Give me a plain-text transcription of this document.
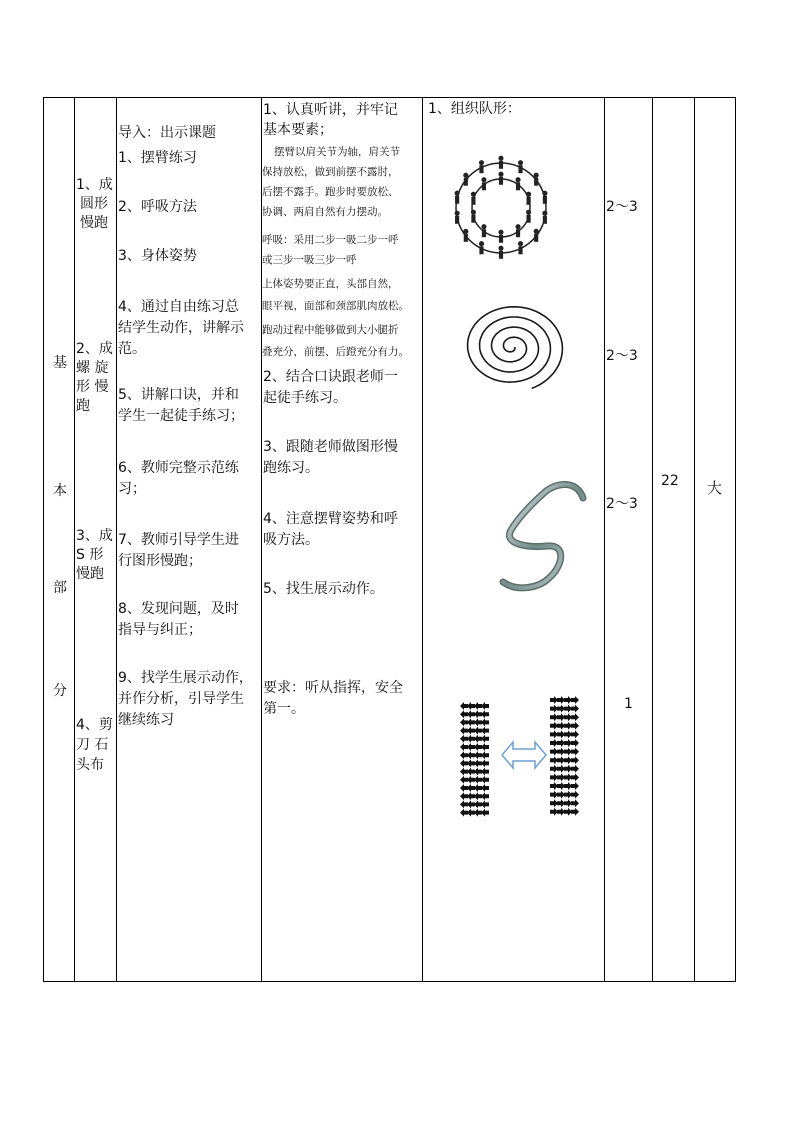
基
本
部
分
1、成
圆形
慢跑
2、成
螺 旋
形 慢
跑
3、成
S 形
慢跑
4、剪
刀 石
头布
导入：出示课题
1、摆臂练习
2、呼吸方法
3、身体姿势
4、通过自由练习总
结学生动作，讲解示
范。
5、讲解口诀，并和
学生一起徒手练习；
6、教师完整示范练
习；
7、教师引导学生进
行图形慢跑；
8、发现问题，及时
指导与纠正；
9、找学生展示动作，
并作分析，引导学生
继续练习
1、认真听讲，并牢记
基本要素；
摆臂以肩关节为轴，肩关节
保持放松，做到前摆不露肘，
后摆不露手。跑步时要放松、
协调、两肩自然有力摆动。
呼吸：采用二步一吸二步一呼
或三步一吸三步一呼
上体姿势要正直，头部自然，
眼平视，面部和颈部肌肉放松。
跑动过程中能够做到大小腿折
叠充分，前摆、后蹬充分有力。
2、结合口诀跟老师一
起徒手练习。
3、跟随老师做图形慢
跑练习。
4、注意摆臂姿势和呼
吸方法。
5、找生展示动作。
要求：听从指挥，安全
第一。
1、组织队形：
2～3
2～3
2～3
1
22 大
